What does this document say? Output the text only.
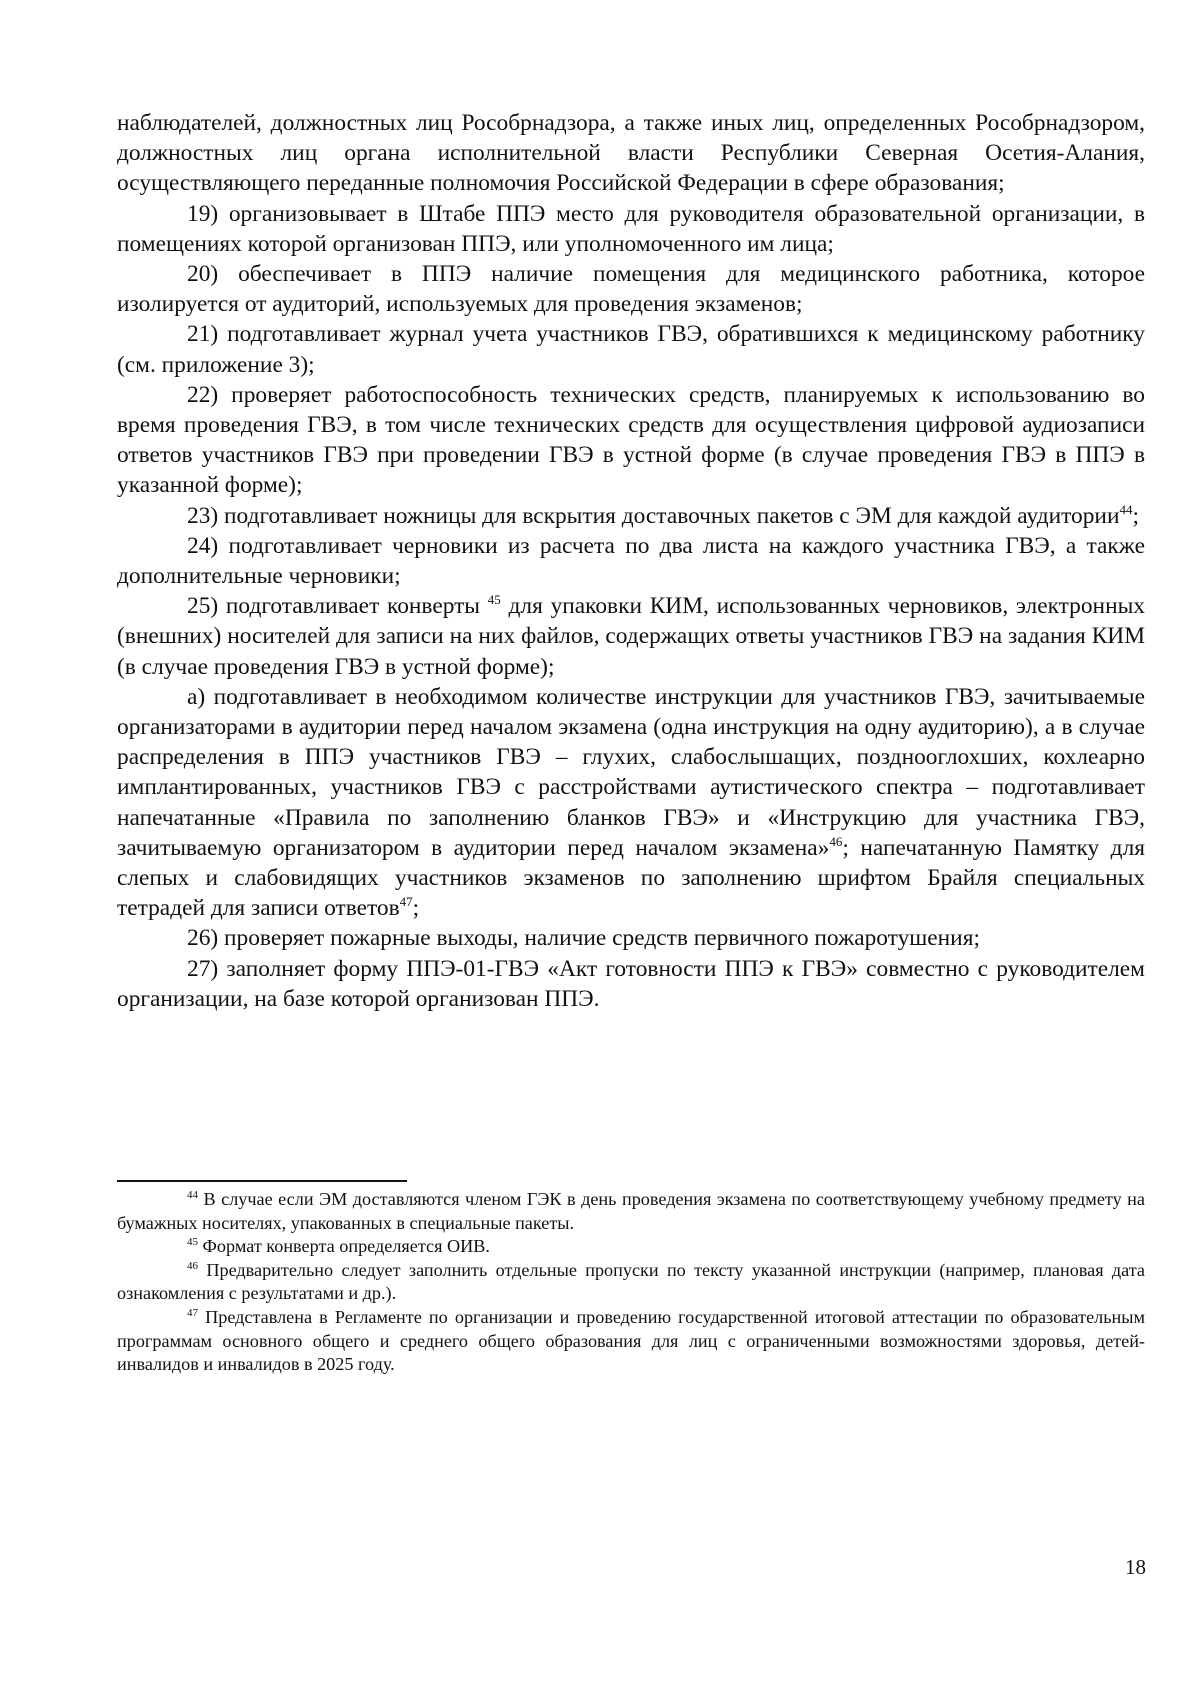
наблюдателей, должностных лиц Рособрнадзора, а также иных лиц, определенных Рособрнадзором, должностных лиц органа исполнительной власти Республики Северная Осетия-Алания, осуществляющего переданные полномочия Российской Федерации в сфере образования;

19) организовывает в Штабе ППЭ место для руководителя образовательной организации, в помещениях которой организован ППЭ, или уполномоченного им лица;

20) обеспечивает в ППЭ наличие помещения для медицинского работника, которое изолируется от аудиторий, используемых для проведения экзаменов;

21) подготавливает журнал учета участников ГВЭ, обратившихся к медицинскому работнику (см. приложение 3);

22) проверяет работоспособность технических средств, планируемых к использованию во время проведения ГВЭ, в том числе технических средств для осуществления цифровой аудиозаписи ответов участников ГВЭ при проведении ГВЭ в устной форме (в случае проведения ГВЭ в ППЭ в указанной форме);

23) подготавливает ножницы для вскрытия доставочных пакетов с ЭМ для каждой аудитории$^{44}$;

24) подготавливает черновики из расчета по два листа на каждого участника ГВЭ, а также дополнительные черновики;

25) подготавливает конверты $^{45}$ для упаковки КИМ, использованных черновиков, электронных (внешних) носителей для записи на них файлов, содержащих ответы участников ГВЭ на задания КИМ (в случае проведения ГВЭ в устной форме);

а) подготавливает в необходимом количестве инструкции для участников ГВЭ, зачитываемые организаторами в аудитории перед началом экзамена (одна инструкция на одну аудиторию), а в случае распределения в ППЭ участников ГВЭ – глухих, слабослышащих, позднооглохших, кохлеарно имплантированных, участников ГВЭ с расстройствами аутистического спектра – подготавливает напечатанные «Правила по заполнению бланков ГВЭ» и «Инструкцию для участника ГВЭ, зачитываемую организатором в аудитории перед началом экзамена»$^{46}$; напечатанную Памятку для слепых и слабовидящих участников экзаменов по заполнению шрифтом Брайля специальных тетрадей для записи ответов$^{47}$;

26) проверяет пожарные выходы, наличие средств первичного пожаротушения;

27) заполняет форму ППЭ-01-ГВЭ «Акт готовности ППЭ к ГВЭ» совместно с руководителем организации, на базе которой организован ППЭ.

$^{44}$ В случае если ЭМ доставляются членом ГЭК в день проведения экзамена по соответствующему учебному предмету на бумажных носителях, упакованных в специальные пакеты.

$^{45}$ Формат конверта определяется ОИВ.

$^{46}$ Предварительно следует заполнить отдельные пропуски по тексту указанной инструкции (например, плановая дата ознакомления с результатами и др.).

$^{47}$ Представлена в Регламенте по организации и проведению государственной итоговой аттестации по образовательным программам основного общего и среднего общего образования для лиц с ограниченными возможностями здоровья, детей-инвалидов и инвалидов в 2025 году.

18
